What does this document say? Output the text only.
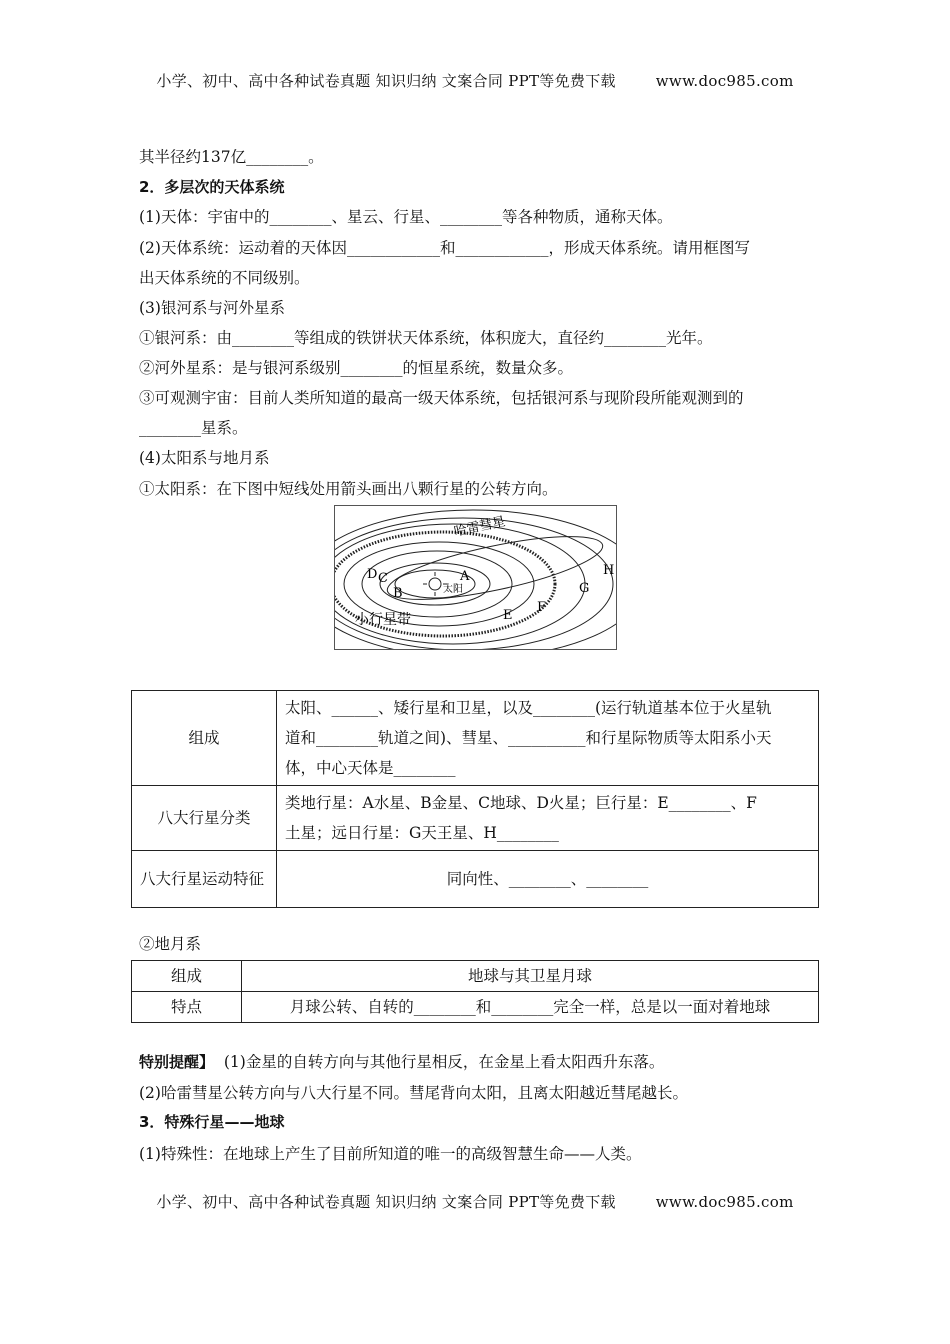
小学、初中、高中各种试卷真题 知识归纳 文案合同 PPT等免费下载	www.doc985.com
其半径约137亿________。
2．多层次的天体系统
(1)天体：宇宙中的________、星云、行星、________等各种物质，通称天体。
(2)天体系统：运动着的天体因____________和____________，形成天体系统。请用框图写
出天体系统的不同级别。
(3)银河系与河外星系
①银河系：由________等组成的铁饼状天体系统，体积庞大，直径约________光年。
②河外星系：是与银河系级别________的恒星系统，数量众多。
③可观测宇宙：目前人类所知道的最高一级天体系统，包括银河系与现阶段所能观测到的
________星系。
(4)太阳系与地月系
①太阳系：在下图中短线处用箭头画出八颗行星的公转方向。
太阳
哈雷彗星
小行星带
A
B
C
D
E
F
G
H
组成	太阳、______、矮行星和卫星，以及________(运行轨道基本位于火星轨
道和________轨道之间)、彗星、__________和行星际物质等太阳系小天
体，中心天体是________

八大行星分类	类地行星：A水星、B金星、C地球、D火星；巨行星：E________、F
土星；远日行星：G天王星、H________

八大行星运动特征	同向性、________、________
②地月系
组成	地球与其卫星月球
特点	月球公转、自转的________和________完全一样，总是以一面对着地球
特别提醒】 (1)金星的自转方向与其他行星相反，在金星上看太阳西升东落。
(2)哈雷彗星公转方向与八大行星不同。彗尾背向太阳，且离太阳越近彗尾越长。
3．特殊行星——地球
(1)特殊性：在地球上产生了目前所知道的唯一的高级智慧生命——人类。
小学、初中、高中各种试卷真题 知识归纳 文案合同 PPT等免费下载	www.doc985.com
